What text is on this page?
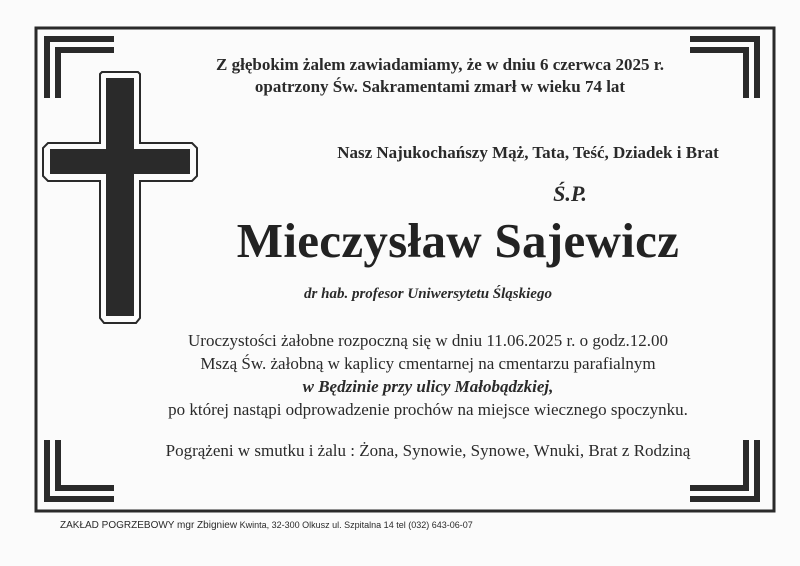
Z głębokim żalem zawiadamiamy, że w dniu 6 czerwca 2025 r.
opatrzony Św. Sakramentami zmarł w wieku 74 lat
Nasz Najukochańszy Mąż, Tata, Teść, Dziadek i Brat
Ś.P.
Mieczysław Sajewicz
dr hab. profesor Uniwersytetu Śląskiego
Uroczystości żałobne rozpoczną się w dniu 11.06.2025 r. o godz.12.00
Mszą Św. żałobną w kaplicy cmentarnej na cmentarzu parafialnym
w Będzinie przy ulicy Małobądzkiej,
po której nastąpi odprowadzenie prochów na miejsce wiecznego spoczynku.
Pogrążeni w smutku i żalu : Żona, Synowie, Synowe, Wnuki, Brat z Rodziną
ZAKŁAD POGRZEBOWY mgr Zbigniew Kwinta, 32-300 Olkusz ul. Szpitalna 14 tel (032) 643-06-07
